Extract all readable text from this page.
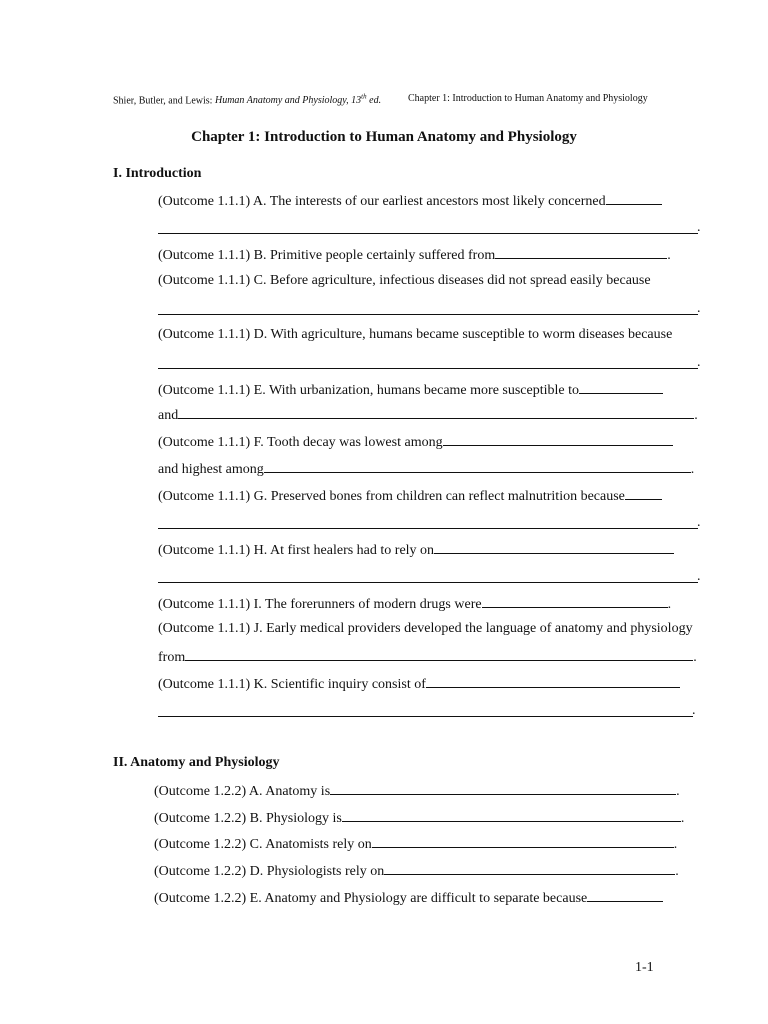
Shier, Butler, and Lewis: Human Anatomy and Physiology, 13th ed.	Chapter 1: Introduction to Human Anatomy and Physiology
Chapter 1: Introduction to Human Anatomy and Physiology
I. Introduction
(Outcome 1.1.1) A. The interests of our earliest ancestors most likely concerned
.
(Outcome 1.1.1) B. Primitive people certainly suffered from	.
(Outcome 1.1.1) C. Before agriculture, infectious diseases did not spread easily because
.
(Outcome 1.1.1) D. With agriculture, humans became susceptible to worm diseases because
.
(Outcome 1.1.1) E. With urbanization, humans became more susceptible to
and	.
(Outcome 1.1.1) F. Tooth decay was lowest among
and highest among	.
(Outcome 1.1.1) G. Preserved bones from children can reflect malnutrition because
.
(Outcome 1.1.1) H. At first healers had to rely on
.
(Outcome 1.1.1) I. The forerunners of modern drugs were	.
(Outcome 1.1.1) J. Early medical providers developed the language of anatomy and physiology
from	.
(Outcome 1.1.1) K. Scientific inquiry consist of
.
II. Anatomy and Physiology
(Outcome 1.2.2) A. Anatomy is	.
(Outcome 1.2.2) B. Physiology is	.
(Outcome 1.2.2) C. Anatomists rely on	.
(Outcome 1.2.2) D. Physiologists rely on	.
(Outcome 1.2.2) E. Anatomy and Physiology are difficult to separate because
1-1
